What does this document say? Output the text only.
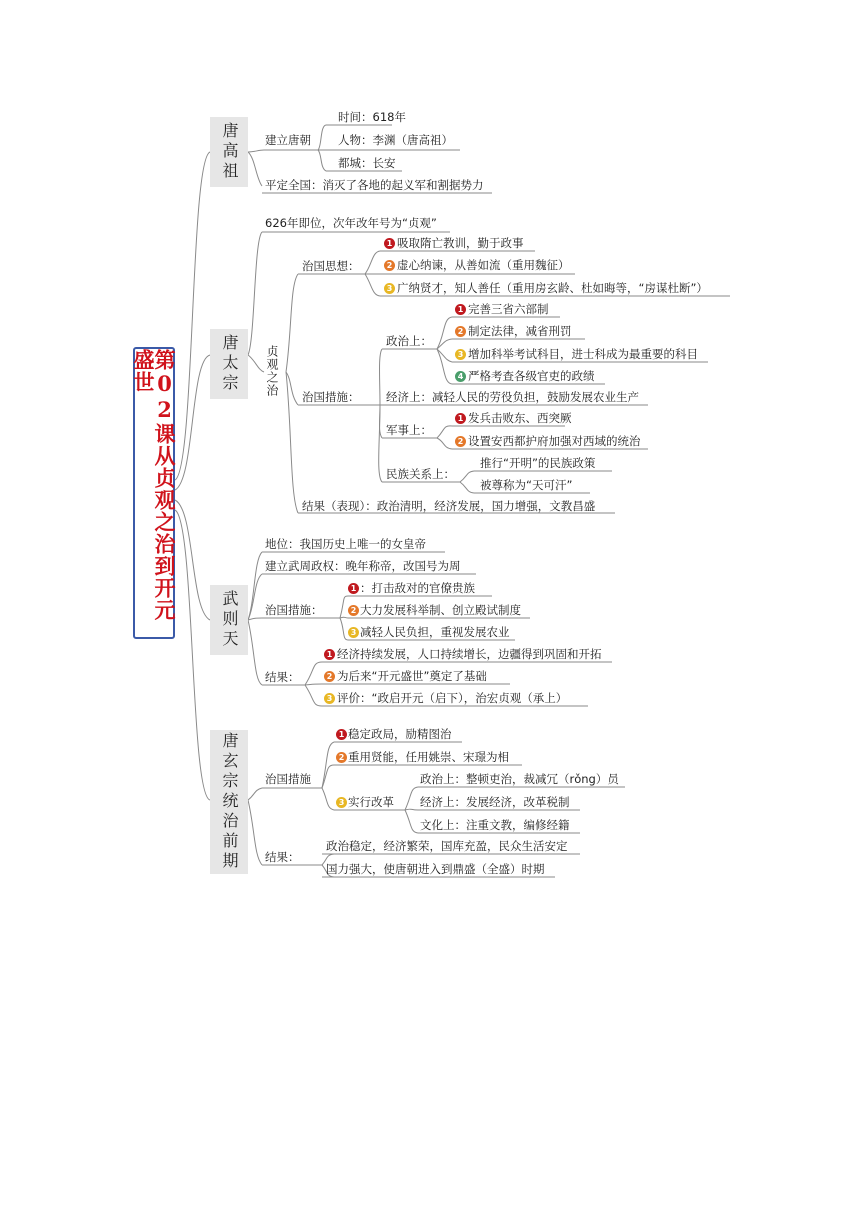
第02课从贞观之治到开元盛世
唐高祖
唐太宗
武则天
唐玄宗统治前期
建立唐朝
时间：618年
人物：李渊（唐高祖）
都城：长安
平定全国：消灭了各地的起义军和割据势力
626年即位，次年改年号为“贞观”
贞观之治
治国思想：
1 吸取隋亡教训，勤于政事
2 虚心纳谏，从善如流（重用魏征）
3 广纳贤才，知人善任（重用房玄龄、杜如晦等，“房谋杜断”）
治国措施：
政治上：
1 完善三省六部制
2 制定法律，减省刑罚
3 增加科举考试科目，进士科成为最重要的科目
4 严格考查各级官吏的政绩
经济上：减轻人民的劳役负担，鼓励发展农业生产
军事上：
1 发兵击败东、西突厥
2 设置安西都护府加强对西域的统治
民族关系上：
推行“开明”的民族政策
被尊称为“天可汗”
结果（表现）：政治清明，经济发展，国力增强，文教昌盛
地位：我国历史上唯一的女皇帝
建立武周政权：晚年称帝，改国号为周
治国措施：
1 ：打击敌对的官僚贵族
2 大力发展科举制、创立殿试制度
3 减轻人民负担，重视发展农业
结果：
1 经济持续发展，人口持续增长，边疆得到巩固和开拓
2 为后来“开元盛世”奠定了基础
3 评价：“政启开元（启下），治宏贞观（承上）
治国措施
1 稳定政局，励精图治
2 重用贤能，任用姚崇、宋璟为相
3 实行改革
政治上：整顿吏治，裁减冗（rǒng）员
经济上：发展经济，改革税制
文化上：注重文教，编修经籍
结果：
政治稳定，经济繁荣，国库充盈，民众生活安定
国力强大，使唐朝进入到鼎盛（全盛）时期
